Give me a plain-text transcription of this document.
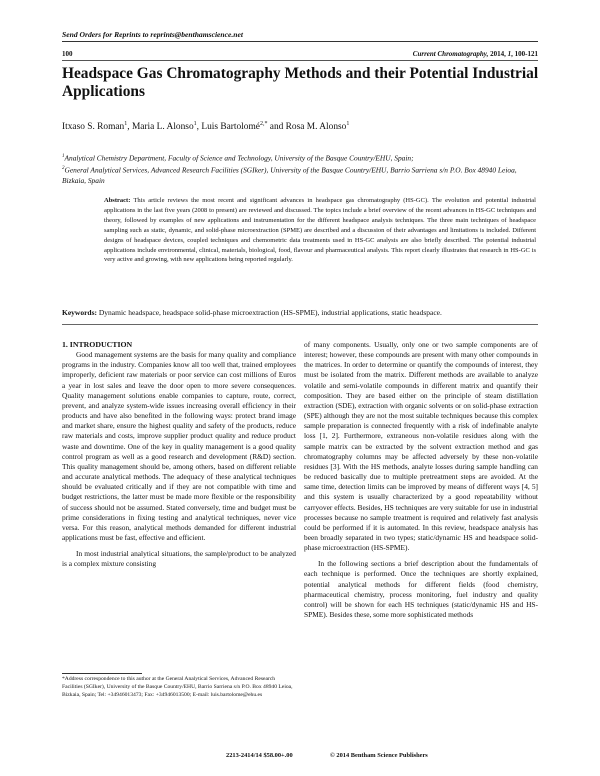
Send Orders for Reprints to reprints@benthamscience.net
100	Current Chromatography, 2014, 1, 100-121
Headspace Gas Chromatography Methods and their Potential Industrial Applications
Itxaso S. Roman$^1$, Maria L. Alonso$^1$, Luis Bartolomé$^{2,*}$ and Rosa M. Alonso$^1$
$^1$Analytical Chemistry Department, Faculty of Science and Technology, University of the Basque Country/EHU, Spain;
$^2$General Analytical Services, Advanced Research Facilities (SGIker), University of the Basque Country/EHU, Barrio Sarriena s/n P.O. Box 48940 Leioa, Bizkaia, Spain
Abstract: This article reviews the most recent and significant advances in headspace gas chromatography (HS-GC). The evolution and potential industrial applications in the last five years (2008 to present) are reviewed and discussed. The topics include a brief overview of the recent advances in HS-GC techniques and theory, followed by examples of new applications and instrumentation for the different headspace analysis techniques. The three main techniques of headspace sampling such as static, dynamic, and solid-phase microextraction (SPME) are described and a discussion of their advantages and limitations is included. Different designs of headspace devices, coupled techniques and chemometric data treatments used in HS-GC analysis are also briefly described. The potential industrial applications include environmental, clinical, materials, biological, food, flavour and pharmaceutical analysis. This report clearly illustrates that research in HS-GC is very active and growing, with new applications being reported regularly.
Keywords: Dynamic headspace, headspace solid-phase microextraction (HS-SPME), industrial applications, static headspace.

1. INTRODUCTION

Good management systems are the basis for many quality and compliance programs in the industry. Companies know all too well that, trained employees improperly, deficient raw materials or poor service can cost millions of Euros a year in lost sales and leave the door open to more severe consequences. Quality management solutions enable companies to capture, route, correct, prevent, and analyze system-wide issues increasing overall efficiency in their products and have also benefited in the following ways: protect brand image and market share, ensure the highest quality and safety of the products, reduce raw materials and costs, improve supplier product quality and reduce product waste and downtime. One of the key in quality management is a good quality control program as well as a good research and development (R&D) section. This quality management should be, among others, based on different reliable and accurate analytical methods. The adequacy of these analytical techniques should be evaluated critically and if they are not compatible with time and budget restrictions, the latter must be made more flexible or the responsibility of success should not be assumed. Stated conversely, time and budget must be prime considerations in fixing testing and analytical techniques, never vice versa. For this reason, analytical methods demanded for different industrial applications must be fast, effective and efficient.

In most industrial analytical situations, the sample/product to be analyzed is a complex mixture consisting

of many components. Usually, only one or two sample components are of interest; however, these compounds are present with many other compounds in the matrices. In order to determine or quantify the compounds of interest, they must be isolated from the matrix. Different methods are available to analyze volatile and semi-volatile compounds in different matrix and quantify their composition. They are based either on the principle of steam distillation extraction (SDE), extraction with organic solvents or on solid-phase extraction (SPE) although they are not the most suitable techniques because this complex sample preparation is connected frequently with a risk of indefinable analyte loss [1, 2]. Furthermore, extraneous non-volatile residues along with the sample matrix can be extracted by the solvent extraction method and gas chromatography columns may be affected adversely by these non-volatile residues [3]. With the HS methods, analyte losses during sample handling can be reduced basically due to multiple pretreatment steps are avoided. At the same time, detection limits can be improved by means of different ways [4, 5] and this system is usually characterized by a good repeatability without carryover effects. Besides, HS techniques are very suitable for use in industrial processes because no sample treatment is required and relatively fast analysis could be performed if it is automated. In this review, headspace analysis has been broadly separated in two types; static/dynamic HS and headspace solid-phase microextraction (HS-SPME).

In the following sections a brief description about the fundamentals of each technique is performed. Once the techniques are shortly explained, potential analytical methods for different fields (food chemistry, pharmaceutical chemistry, process monitoring, fuel industry and quality control) will be shown for each HS techniques (static/dynamic HS and HS-SPME). Besides these, some more sophisticated methods

*Address correspondence to this author at the General Analytical Services, Advanced Research Facilities (SGIker), University of the Basque Country/EHU, Barrio Sarriena s/n P.O. Box 48940 Leioa, Bizkaia, Spain; Tel: +34946013473; Fax: +34946013500; E-mail: luis.bartolome@ehu.es
2213-2414/14 $58.00+.00	© 2014 Bentham Science Publishers
